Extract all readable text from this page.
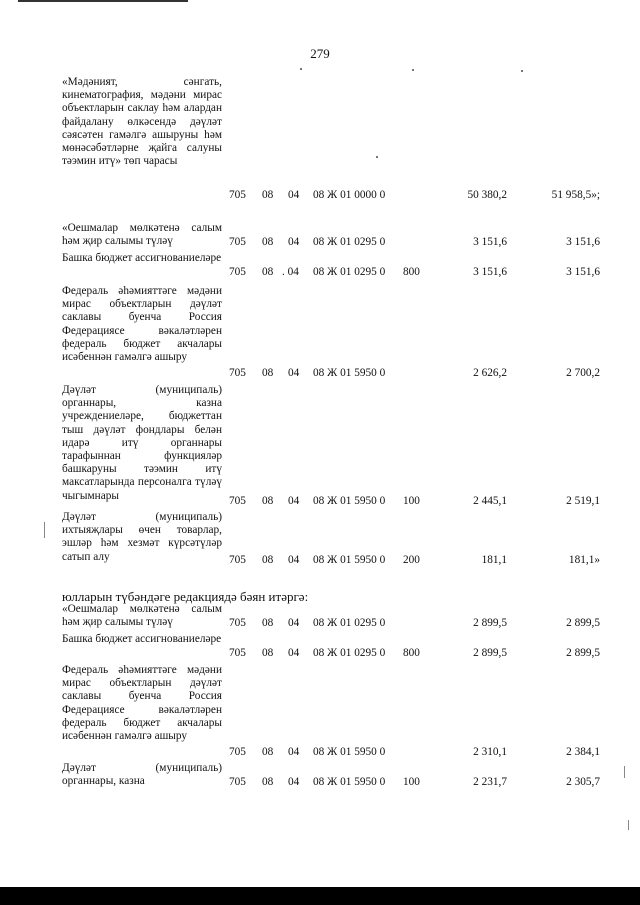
279
«Мәдәният, сәнгать, кинематография, мәдәни мирас объектларын саклау һәм алардан файдалану өлкәсендә дәүләт сәясәтен гамәлгә ашыруны һәм мөнәсәбәтләрне җайга салуны тәэмин итү» төп чарасы
705 08 04 08 Ж 01 0000 0	50 380,2	51 958,5»;
«Оешмалар мөлкәтенә салым һәм җир салымы түләү	705 08 04 08 Ж 01 0295 0	3 151,6	3 151,6
Башка бюджет ассигнованиеләре
705 08 . 04 08 Ж 01 0295 0 800	3 151,6	3 151,6
Федераль әһәмияттәге мәдәни мирас объектларын дәүләт саклавы буенча Россия Федерациясе вәкаләтләрен федераль бюджет акчалары исәбеннән гамәлгә ашыру
705 08 04 08 Ж 01 5950 0	2 626,2	2 700,2
Дәүләт (муниципаль) органнары, казна учреждениеләре, бюджеттан тыш дәүләт фондлары белән идарә итү органнары тарафыннан функцияләр башкаруны тәэмин итү максатларында персоналга түләү чыгымнары	705 08 04 08 Ж 01 5950 0 100	2 445,1	2 519,1
Дәүләт (муниципаль) ихтыяҗлары өчен товарлар, эшләр һәм хезмәт күрсәтүләр сатып алу	705 08 04 08 Ж 01 5950 0 200	181,1	181,1»
юлларын түбәндәге редакциядә бәян итәргә:
«Оешмалар мөлкәтенә салым һәм җир салымы түләү	705 08 04 08 Ж 01 0295 0	2 899,5	2 899,5
Башка бюджет ассигнованиеләре
705 08 04 08 Ж 01 0295 0 800	2 899,5	2 899,5
Федераль әһәмияттәге мәдәни мирас объектларын дәүләт саклавы буенча Россия Федерациясе вәкаләтләрен федераль бюджет акчалары исәбеннән гамәлгә ашыру
705 08 04 08 Ж 01 5950 0	2 310,1	2 384,1
Дәүләт (муниципаль) органнары, казна	705 08 04 08 Ж 01 5950 0 100	2 231,7	2 305,7
